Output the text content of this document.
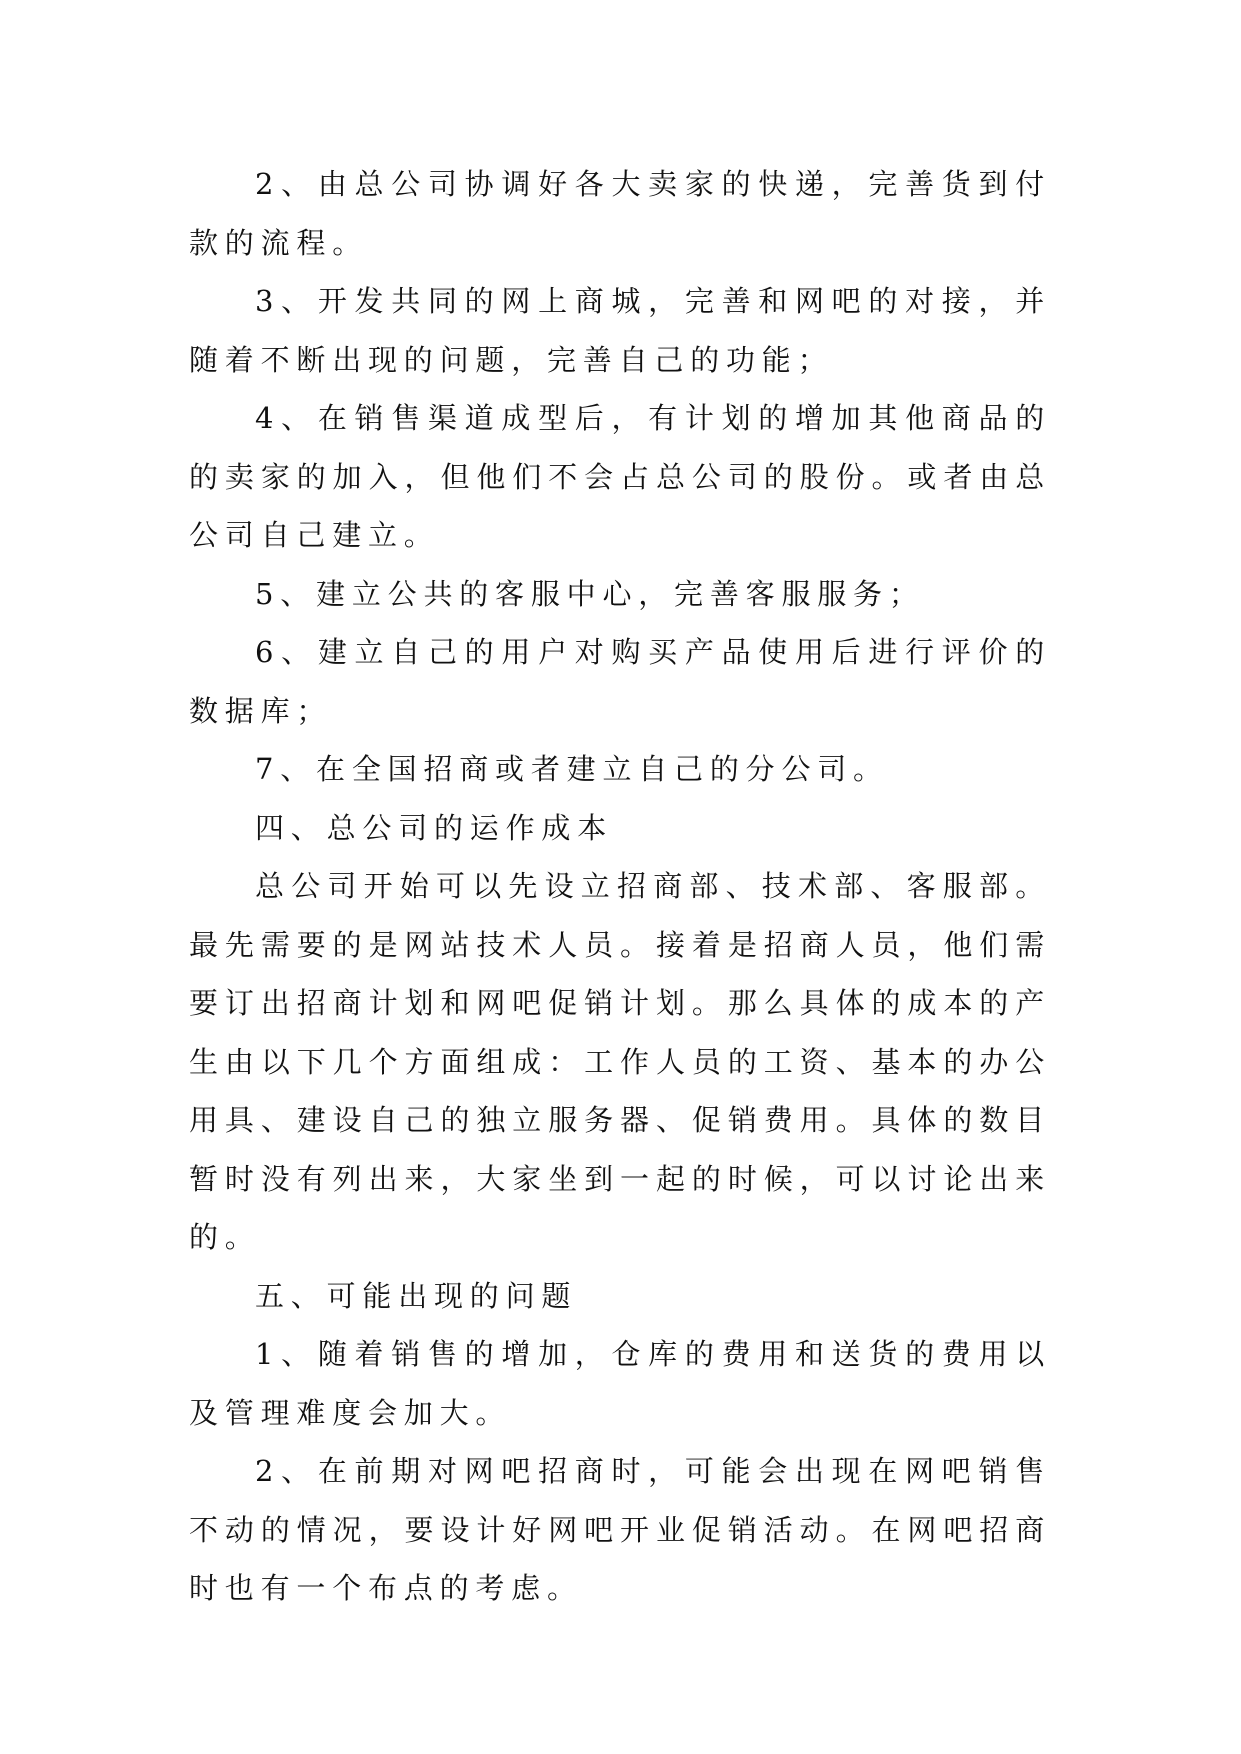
2、由总公司协调好各大卖家的快递，完善货到付款的流程。

3、开发共同的网上商城，完善和网吧的对接，并随着不断出现的问题，完善自己的功能；

4、在销售渠道成型后，有计划的增加其他商品的的卖家的加入，但他们不会占总公司的股份。或者由总公司自己建立。

5、建立公共的客服中心，完善客服服务；

6、建立自己的用户对购买产品使用后进行评价的数据库；

7、在全国招商或者建立自己的分公司。

四、总公司的运作成本

总公司开始可以先设立招商部、技术部、客服部。最先需要的是网站技术人员。接着是招商人员，他们需要订出招商计划和网吧促销计划。那么具体的成本的产生由以下几个方面组成：工作人员的工资、基本的办公用具、建设自己的独立服务器、促销费用。具体的数目暂时没有列出来，大家坐到一起的时候，可以讨论出来的。

五、可能出现的问题

1、随着销售的增加，仓库的费用和送货的费用以及管理难度会加大。

2、在前期对网吧招商时，可能会出现在网吧销售不动的情况，要设计好网吧开业促销活动。在网吧招商时也有一个布点的考虑。
